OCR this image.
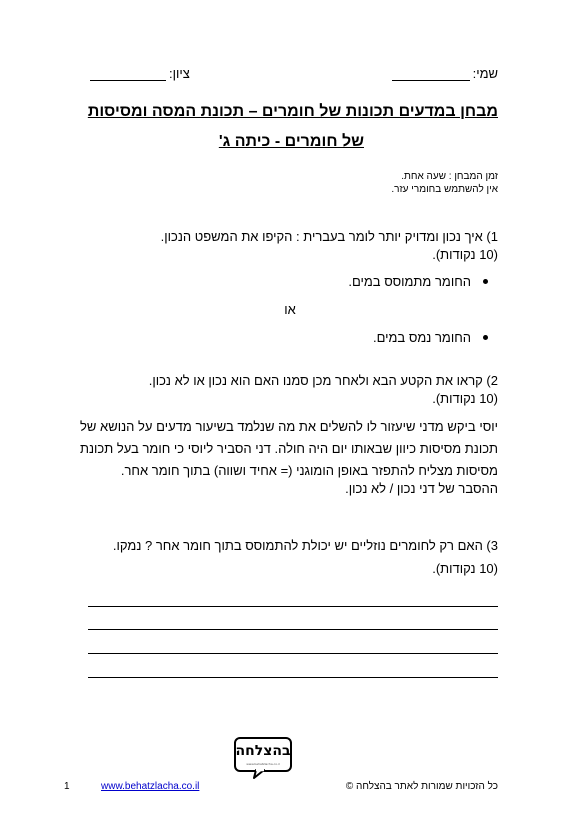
שמי:
ציון:
מבחן במדעים תכונות של חומרים – תכונת המסה ומסיסות
של חומרים - כיתה ג'
זמן המבחן : שעה אחת.
אין להשתמש בחומרי עזר.
1) איך נכון ומדויק יותר לומר בעברית : הקיפו את המשפט הנכון.
(10 נקודות).
החומר מתמוסס במים.
או
החומר נמס במים.
2) קראו את הקטע הבא ולאחר מכן סמנו האם הוא נכון או לא נכון.
(10 נקודות).
יוסי ביקש מדני שיעזור לו להשלים את מה שנלמד בשיעור מדעים על הנושא של תכונת מסיסות כיוון שבאותו יום היה חולה. דני הסביר ליוסי כי חומר בעל תכונת מסיסות מצליח להתפזר באופן הומוגני (= אחיד ושווה) בתוך חומר אחר.
ההסבר של דני נכון / לא נכון.
3) האם רק לחומרים נוזליים יש יכולת להתמוסס בתוך חומר אחר ? נמקו.
(10 נקודות).
בהצלחה
www.behatzlacha.co.il
1	www.behatzlacha.co.il	כל הזכויות שמורות לאתר בהצלחה ©
